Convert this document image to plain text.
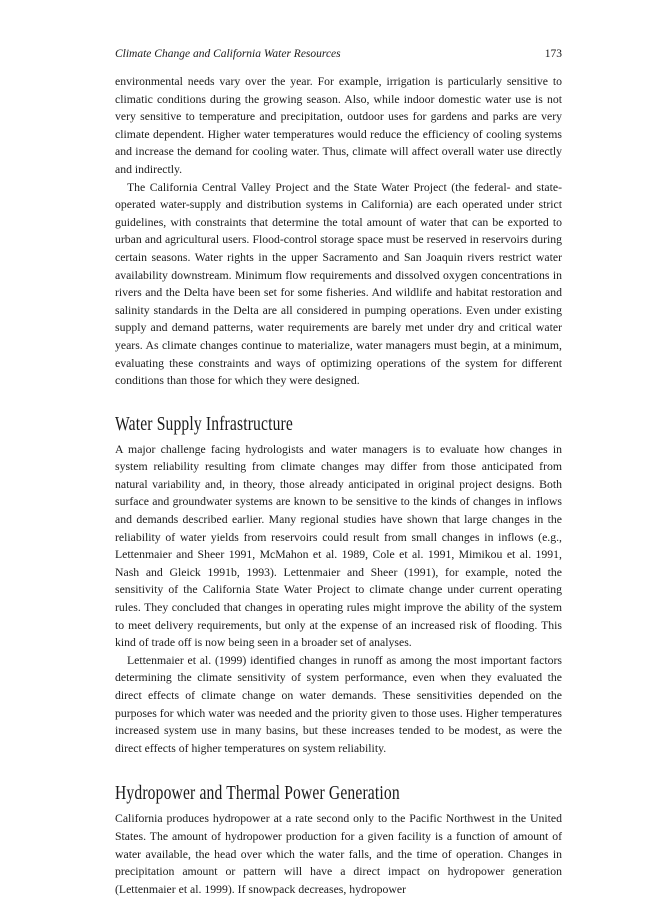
Climate Change and California Water Resources	173

environmental needs vary over the year. For example, irrigation is particularly sensitive to climatic conditions during the growing season. Also, while indoor domestic water use is not very sensitive to temperature and precipitation, outdoor uses for gardens and parks are very climate dependent. Higher water temperatures would reduce the efficiency of cooling systems and increase the demand for cooling water. Thus, climate will affect overall water use directly and indirectly.

The California Central Valley Project and the State Water Project (the federal- and state-operated water-supply and distribution systems in California) are each operated under strict guidelines, with constraints that determine the total amount of water that can be exported to urban and agricultural users. Flood-control storage space must be reserved in reservoirs during certain seasons. Water rights in the upper Sacramento and San Joaquin rivers restrict water availability downstream. Minimum flow requirements and dissolved oxygen concentrations in rivers and the Delta have been set for some fisheries. And wildlife and habitat restoration and salinity standards in the Delta are all considered in pumping operations. Even under existing supply and demand patterns, water requirements are barely met under dry and critical water years. As climate changes continue to materialize, water managers must begin, at a minimum, evaluating these constraints and ways of optimizing operations of the system for different conditions than those for which they were designed.

Water Supply Infrastructure

A major challenge facing hydrologists and water managers is to evaluate how changes in system reliability resulting from climate changes may differ from those anticipated from natural variability and, in theory, those already anticipated in original project designs. Both surface and groundwater systems are known to be sensitive to the kinds of changes in inflows and demands described earlier. Many regional studies have shown that large changes in the reliability of water yields from reservoirs could result from small changes in inflows (e.g., Lettenmaier and Sheer 1991, McMahon et al. 1989, Cole et al. 1991, Mimikou et al. 1991, Nash and Gleick 1991b, 1993). Lettenmaier and Sheer (1991), for example, noted the sensitivity of the California State Water Project to climate change under current operating rules. They concluded that changes in operating rules might improve the ability of the system to meet delivery requirements, but only at the expense of an increased risk of flooding. This kind of trade off is now being seen in a broader set of analyses.

Lettenmaier et al. (1999) identified changes in runoff as among the most important factors determining the climate sensitivity of system performance, even when they evaluated the direct effects of climate change on water demands. These sensitivities depended on the purposes for which water was needed and the priority given to those uses. Higher temperatures increased system use in many basins, but these increases tended to be modest, as were the direct effects of higher temperatures on system reliability.

Hydropower and Thermal Power Generation

California produces hydropower at a rate second only to the Pacific Northwest in the United States. The amount of hydropower production for a given facility is a function of amount of water available, the head over which the water falls, and the time of operation. Changes in precipitation amount or pattern will have a direct impact on hydropower generation (Lettenmaier et al. 1999). If snowpack decreases, hydropower
